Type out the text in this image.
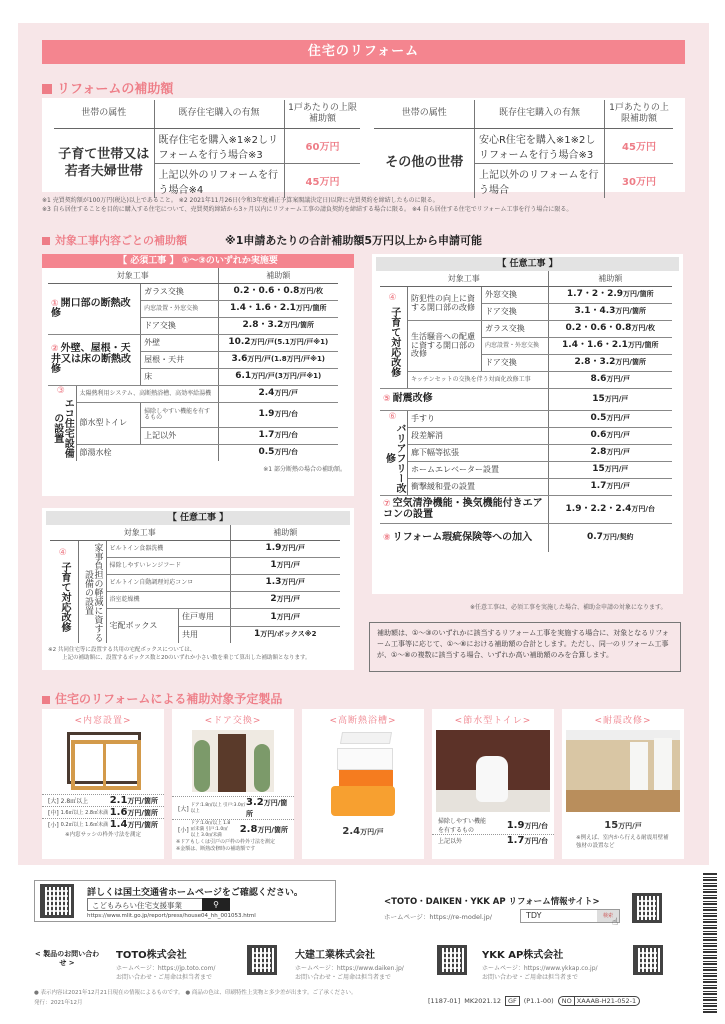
住宅のリフォーム
リフォームの補助額
世帯の属性	既存住宅購入の有無	1戸あたりの上限補助額
子育て世帯又は若者夫婦世帯	既存住宅を購入※1※2しリフォームを行う場合※3	60万円
	上記以外のリフォームを行う場合※4	45万円
世帯の属性	既存住宅購入の有無	1戸あたりの上限補助額
その他の世帯	安心R住宅を購入※1※2しリフォームを行う場合※3	45万円
	上記以外のリフォームを行う場合	30万円
※1 売買契約額が100万円(税込)以上であること。 ※2 2021年11月26日(令和3年度補正予算案閣議決定日)以降に売買契約を締結したものに限る。
※3 自ら居住することを目的に購入する住宅について、売買契約締結から3ヶ月以内にリフォーム工事の請負契約を締結する場合に限る。 ※4 自ら居住する住宅でリフォーム工事を行う場合に限る。
対象工事内容ごとの補助額	※1申請あたりの合計補助額5万円以上から申請可能
【 必須工事 】 ①～③のいずれか実施要
対象工事			補助額
① 開口部の断熱改修		ガラス交換	0.2・0.6・0.8万円/枚
		内窓設置・外窓交換	1.4・1.6・2.1万円/箇所
		ドア交換	2.8・3.2万円/箇所
② 外壁、屋根・天井又は床の断熱改修		外壁	10.2万円/戸(5.1万円/戸※1)
		屋根・天井	3.6万円/戸(1.8万円/戸※1)
		床	6.1万円/戸(3万円/戸※1)

③
エコ住宅設備の設置	太陽熱利用システム、高断熱浴槽、高効率給湯機		2.4万円/戸
	節水型トイレ	掃除しやすい機能を有するもの	1.9万円/台
		上記以外	1.7万円/台
	節湯水栓		0.5万円/台
※1 部分断熱の場合の補助額。
【 任意工事 】
対象工事				補助額

④
子育て対応改修	家事負担の軽減に資する設備の設置	ビルトイン食器洗機		1.9万円/戸
		掃除しやすいレンジフード		1万円/戸
		ビルトイン自動調理対応コンロ		1.3万円/戸
		浴室乾燥機		2万円/戸
		宅配ボックス	住戸専用	1万円/戸
			共用	1万円/ボックス※2
※2 共同住宅等に設置する共用の宅配ボックスについては、
上記の補助額に、設置するボックス数と20のいずれか小さい数を乗じて算出した補助額となります。
【 任意工事 】
対象工事			補助額

④
子育て対応改修	防犯性の向上に資する開口部の改修	外窓交換	1.7・2・2.9万円/箇所
		ドア交換	3.1・4.3万円/箇所
	生活騒音への配慮に資する開口部の改修	ガラス交換	0.2・0.6・0.8万円/枚
		内窓設置・外窓交換	1.4・1.6・2.1万円/箇所
		ドア交換	2.8・3.2万円/箇所
	キッチンセットの交換を伴う対面化改修工事		8.6万円/戸
⑤ 耐震改修			15万円/戸

⑥
バリアフリー改修	手すり		0.5万円/戸
	段差解消		0.6万円/戸
	廊下幅等拡張		2.8万円/戸
	ホームエレベーター設置		15万円/戸
	衝撃緩和畳の設置		1.7万円/戸
⑦ 空気清浄機能・換気機能付きエアコンの設置			1.9・2.2・2.4万円/台
⑧ リフォーム瑕疵保険等への加入			0.7万円/契約
※任意工事は、必須工事を実施した場合、補助金申請の対象になります。
補助額は、①～③のいずれかに該当するリフォーム工事を実施する場合に、対象となるリフォーム工事等に応じて、①～⑧における補助額の合計とします。ただし、同一のリフォーム工事が、①～⑧の複数に該当する場合、いずれか高い補助額のみを合算します。
住宅のリフォームによる補助対象予定製品
<内窓設置>
[大]
2.8㎡以上 2.1万円/箇所
[中]
1.6㎡以上 2.8㎡未満 1.6万円/箇所
[小]
0.2㎡以上 1.6㎡未満 1.4万円/箇所
※内窓サッシの枠外寸法を測定
<ドア交換>
[大]
ドア:1.8㎡以上 引戸:3.0㎡以上
3.2万円/箇所
[小]

ドア:1.0㎡以上 1.8㎡未満 引戸:1.0㎡以上 3.0㎡未満
2.8万円/箇所
※ドアもしくは引戸の戸枠の枠外寸法を測定
※金額は、断熱改修時の補助額です
<高断熱浴槽>
2.4万円/戸
<節水型トイレ>
掃除しやすい機能を有するもの	1.9万円/台
上記以外	1.7万円/台
<耐震改修>
15万円/戸
※例えば、室内から行える耐震用壁補強材の設置など
詳しくは国土交通省ホームページをご確認ください。
こどもみらい住宅支援事業	⚲
https://www.mlit.go.jp/report/press/house04_hh_001053.html
<TOTO・DAIKEN・YKK AP リフォーム情報サイト>
ホームページ：https://re-model.jp/	TDY	検索
☝
< 製品のお問い合わせ >
TOTO株式会社
ホームページ：https://jp.toto.com/
お問い合わせ・ご用命は担当者まで
大建工業株式会社
ホームページ：https://www.daiken.jp/
お問い合わせ・ご用命は担当者まで
YKK AP株式会社
ホームページ：https://www.ykkap.co.jp/
お問い合わせ・ご用命は担当者まで
● 表示内容は2021年12月21日現在の情報によるものです。 ● 商品の色は、印刷特性上実物と多少差が出ます。ご了承ください。
発行：2021年12月	[1187-01] MK2021.12	GF	(P1.1-00)	NO XAAAB-H21-052-1
